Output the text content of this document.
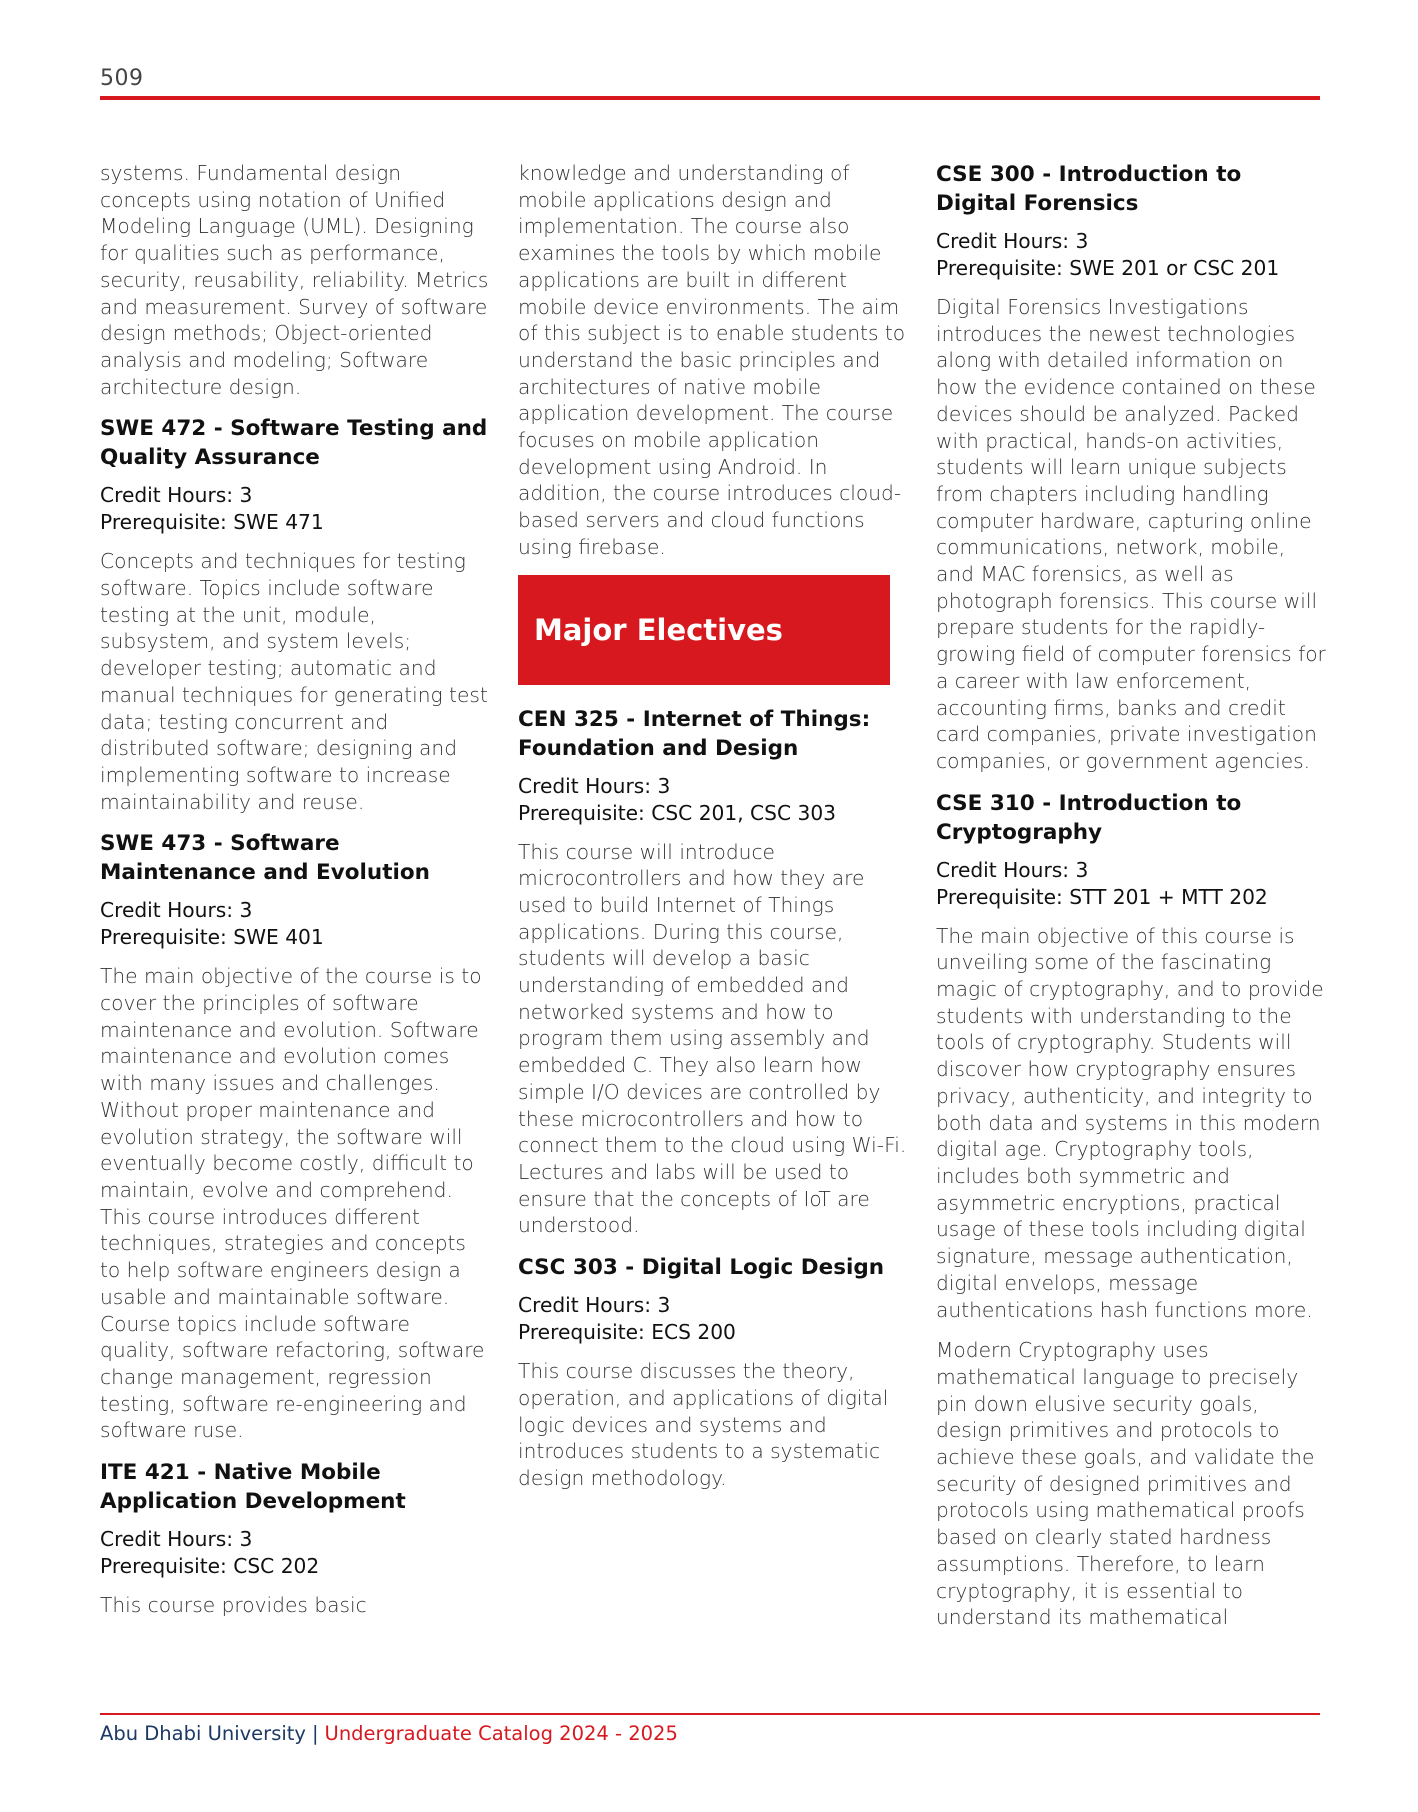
509

systems. Fundamental design concepts using notation of Unified Modeling Language (UML). Designing for qualities such as performance, security, reusability, reliability. Metrics and measurement. Survey of software design methods; Object-oriented analysis and modeling; Software architecture design.

SWE 472 - Software Testing and Quality Assurance
Credit Hours: 3
Prerequisite: SWE 471

Concepts and techniques for testing software. Topics include software testing at the unit, module, subsystem, and system levels; developer testing; automatic and manual techniques for generating test data; testing concurrent and distributed software; designing and implementing software to increase maintainability and reuse.

SWE 473 - Software Maintenance and Evolution
Credit Hours: 3
Prerequisite: SWE 401

The main objective of the course is to cover the principles of software maintenance and evolution. Software maintenance and evolution comes with many issues and challenges. Without proper maintenance and evolution strategy, the software will eventually become costly, difficult to maintain, evolve and comprehend. This course introduces different techniques, strategies and concepts to help software engineers design a usable and maintainable software. Course topics include software quality, software refactoring, software change management, regression testing, software re-engineering and software ruse.

ITE 421 - Native Mobile Application Development
Credit Hours: 3
Prerequisite: CSC 202

This course provides basic

knowledge and understanding of mobile applications design and implementation. The course also examines the tools by which mobile applications are built in different mobile device environments. The aim of this subject is to enable students to understand the basic principles and architectures of native mobile application development. The course focuses on mobile application development using Android. In addition, the course introduces cloud-based servers and cloud functions using firebase.

Major Electives
CEN 325 - Internet of Things: Foundation and Design
Credit Hours: 3
Prerequisite: CSC 201, CSC 303

This course will introduce microcontrollers and how they are used to build Internet of Things applications. During this course, students will develop a basic understanding of embedded and networked systems and how to program them using assembly and embedded C. They also learn how simple I/O devices are controlled by these microcontrollers and how to connect them to the cloud using Wi-Fi. Lectures and labs will be used to ensure that the concepts of IoT are understood.

CSC 303 - Digital Logic Design
Credit Hours: 3
Prerequisite: ECS 200

This course discusses the theory, operation, and applications of digital logic devices and systems and introduces students to a systematic design methodology.

CSE 300 - Introduction to Digital Forensics
Credit Hours: 3
Prerequisite: SWE 201 or CSC 201

Digital Forensics Investigations introduces the newest technologies along with detailed information on how the evidence contained on these devices should be analyzed. Packed with practical, hands-on activities, students will learn unique subjects from chapters including handling computer hardware, capturing online communications, network, mobile, and MAC forensics, as well as photograph forensics. This course will prepare students for the rapidly-growing field of computer forensics for a career with law enforcement, accounting firms, banks and credit card companies, private investigation companies, or government agencies.

CSE 310 - Introduction to Cryptography
Credit Hours: 3
Prerequisite: STT 201 + MTT 202

The main objective of this course is unveiling some of the fascinating magic of cryptography, and to provide students with understanding to the tools of cryptography. Students will discover how cryptography ensures privacy, authenticity, and integrity to both data and systems in this modern digital age. Cryptography tools, includes both symmetric and asymmetric encryptions, practical usage of these tools including digital signature, message authentication, digital envelops, message authentications hash functions more.

Modern Cryptography uses mathematical language to precisely pin down elusive security goals, design primitives and protocols to achieve these goals, and validate the security of designed primitives and protocols using mathematical proofs based on clearly stated hardness assumptions. Therefore, to learn cryptography, it is essential to understand its mathematical

Abu Dhabi University | Undergraduate Catalog 2024 - 2025
